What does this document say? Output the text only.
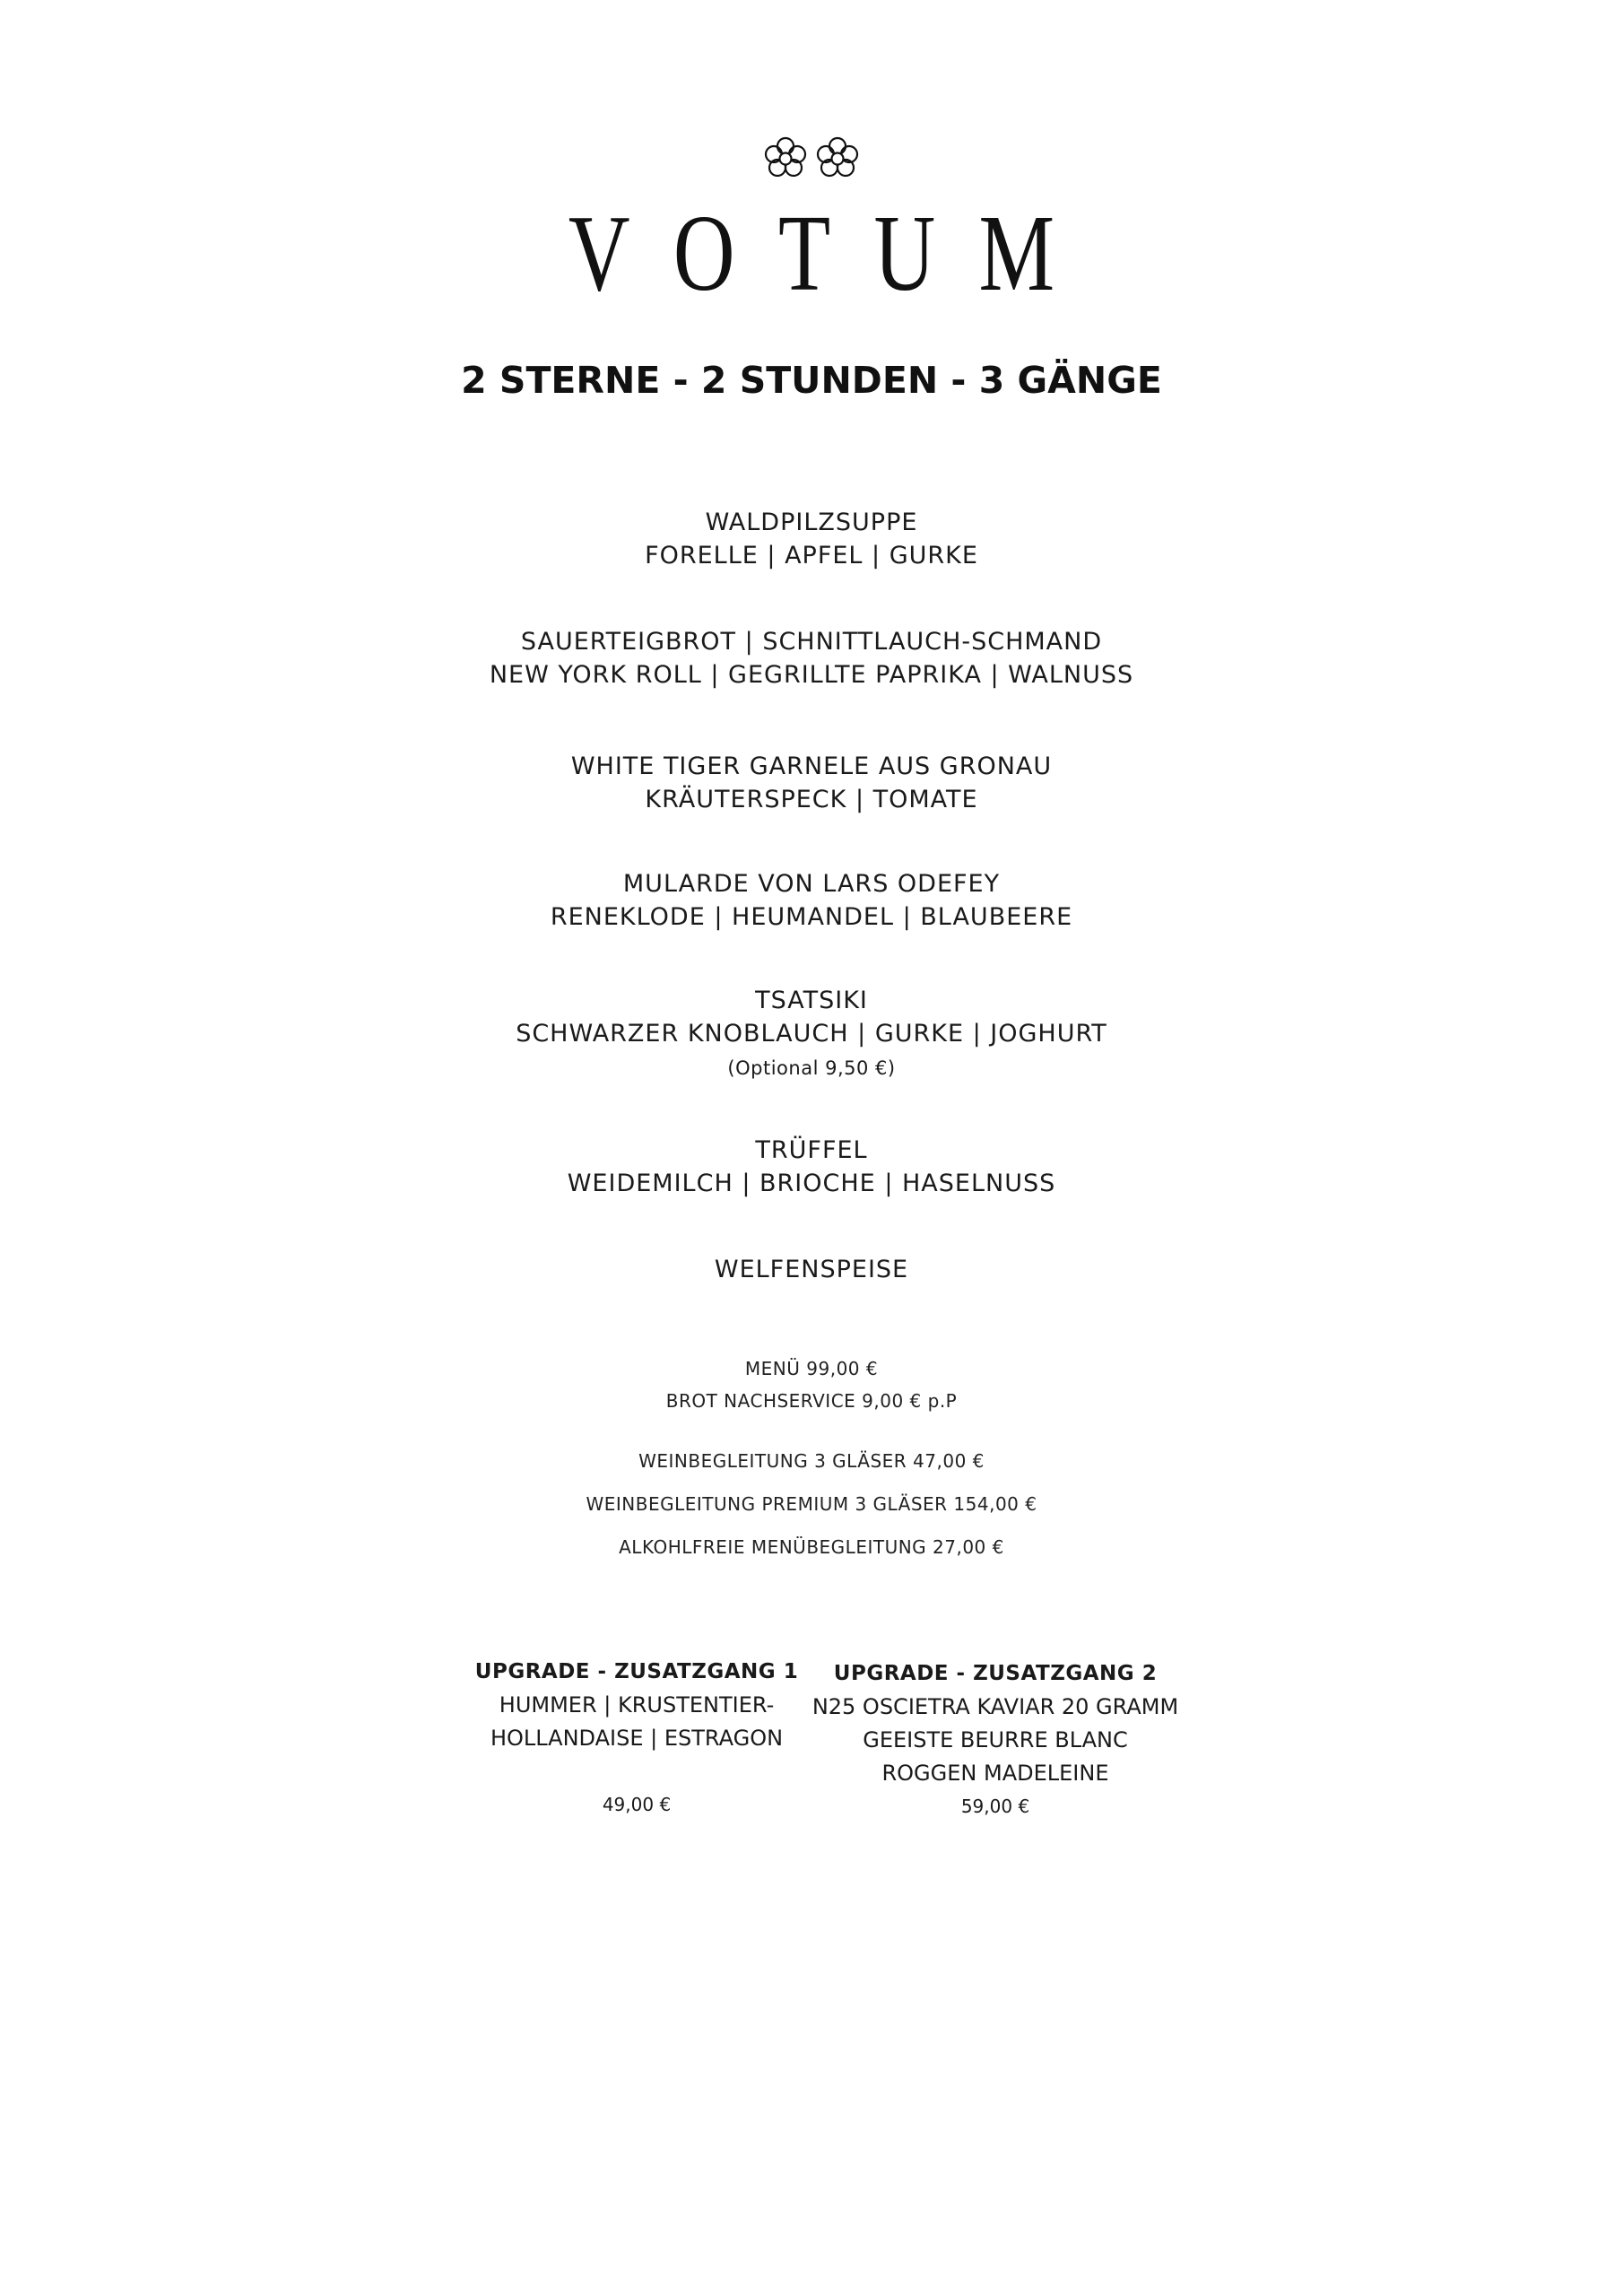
VOTUM
2 STERNE - 2 STUNDEN - 3 GÄNGE
WALDPILZSUPPE
FORELLE | APFEL | GURKE
SAUERTEIGBROT | SCHNITTLAUCH-SCHMAND
NEW YORK ROLL | GEGRILLTE PAPRIKA | WALNUSS
WHITE TIGER GARNELE AUS GRONAU
KRÄUTERSPECK | TOMATE
MULARDE VON LARS ODEFEY
RENEKLODE | HEUMANDEL | BLAUBEERE
TSATSIKI
SCHWARZER KNOBLAUCH | GURKE | JOGHURT
(Optional 9,50 €)
TRÜFFEL
WEIDEMILCH | BRIOCHE | HASELNUSS
WELFENSPEISE
MENÜ 99,00 €
BROT NACHSERVICE 9,00 € p.P
WEINBEGLEITUNG 3 GLÄSER 47,00 €
WEINBEGLEITUNG PREMIUM 3 GLÄSER 154,00 €
ALKOHLFREIE MENÜBEGLEITUNG 27,00 €
UPGRADE - ZUSATZGANG 1
HUMMER | KRUSTENTIER-
HOLLANDAISE | ESTRAGON

49,00 €
UPGRADE - ZUSATZGANG 2
N25 OSCIETRA KAVIAR 20 GRAMM
GEEISTE BEURRE BLANC
ROGGEN MADELEINE
59,00 €
